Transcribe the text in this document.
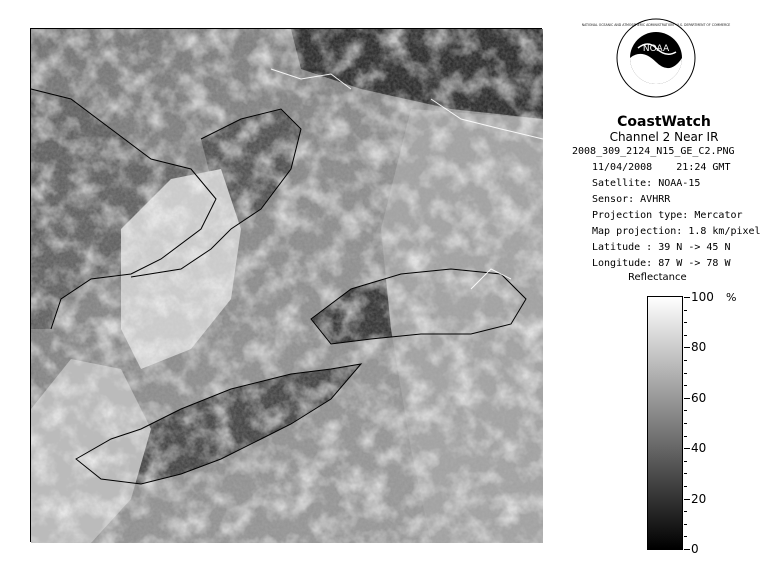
NOAA
NATIONAL OCEANIC AND ATMOSPHERIC ADMINISTRATION · U.S. DEPARTMENT OF COMMERCE
CoastWatch
Channel 2 Near IR
2008_309_2124_N15_GE_C2.PNG
11/04/2008    21:24 GMT
Satellite: NOAA-15
Sensor: AVHRR
Projection type: Mercator
Map projection: 1.8 km/pixel
Latitude : 39 N -> 45 N
Longitude: 87 W -> 78 W
Reflectance
%
100
80
60
40
20
0
